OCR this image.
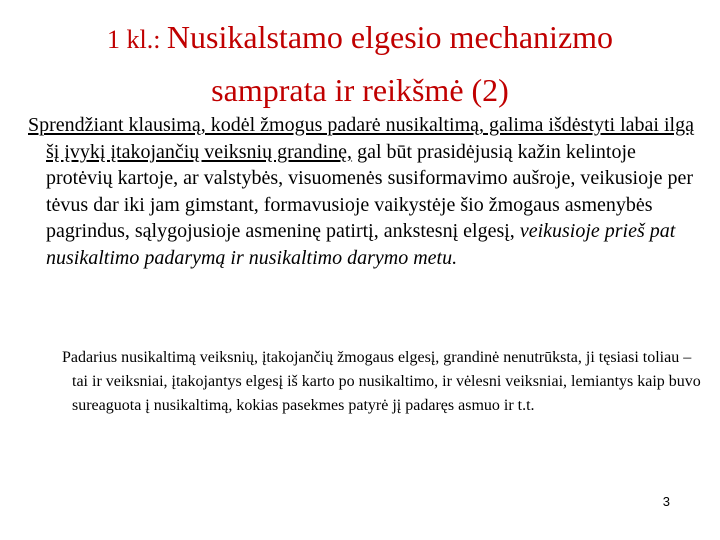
1 kl.: Nusikalstamo elgesio mechanizmo
samprata ir reikšmė (2)
Sprendžiant klausimą, kodėl žmogus padarė nusikaltimą, galima išdėstyti labai ilgą šį įvykį įtakojančių veiksnių grandinę, gal būt prasidėjusią kažin kelintoje protėvių kartoje, ar valstybės, visuomenės susiformavimo aušroje, veikusioje per tėvus dar iki jam gimstant, formavusioje vaikystėje šio žmogaus asmenybės pagrindus, sąlygojusioje asmeninę patirtį, ankstesnį elgesį, veikusioje prieš pat nusikaltimo padarymą ir nusikaltimo darymo metu.
Padarius nusikaltimą veiksnių, įtakojančių žmogaus elgesį, grandinė nenutrūksta, ji tęsiasi toliau – tai ir veiksniai, įtakojantys elgesį iš karto po nusikaltimo, ir vėlesni veiksniai, lemiantys kaip buvo sureaguota į nusikaltimą, kokias pasekmes patyrė jį padaręs asmuo ir t.t.
3
